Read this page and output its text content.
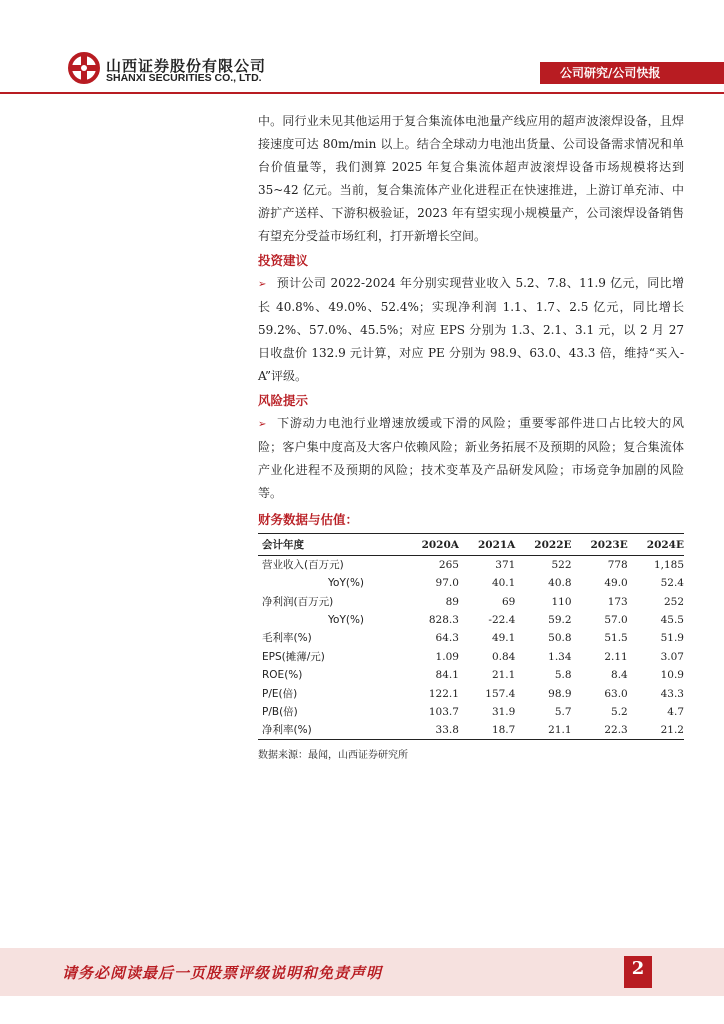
山西证券股份有限公司
SHANXI SECURITIES CO., LTD.	公司研究/公司快报

中。同行业未见其他运用于复合集流体电池量产线应用的超声波滚焊设备，且焊接速度可达 80m/min 以上。结合全球动力电池出货量、公司设备需求情况和单台价值量等，我们测算 2025 年复合集流体超声波滚焊设备市场规模将达到 35~42 亿元。当前，复合集流体产业化进程正在快速推进，上游订单充沛、中游扩产送样、下游积极验证，2023 年有望实现小规模量产，公司滚焊设备销售有望充分受益市场红利，打开新增长空间。

投资建议

➢ 预计公司 2022-2024 年分别实现营业收入 5.2、7.8、11.9 亿元，同比增长 40.8%、49.0%、52.4%；实现净利润 1.1、1.7、2.5 亿元，同比增长 59.2%、57.0%、45.5%；对应 EPS 分别为 1.3、2.1、3.1 元，以 2 月 27 日收盘价 132.9 元计算，对应 PE 分别为 98.9、63.0、43.3 倍，维持“买入-A”评级。

风险提示

➢ 下游动力电池行业增速放缓或下滑的风险；重要零部件进口占比较大的风险；客户集中度高及大客户依赖风险；新业务拓展不及预期的风险；复合集流体产业化进程不及预期的风险；技术变革及产品研发风险；市场竞争加剧的风险等。

财务数据与估值：
会计年度	2020A	2021A	2022E	2023E	2024E
营业收入(百万元)	265	371	522	778	1,185
YoY(%)	97.0	40.1	40.8	49.0	52.4
净利润(百万元)	89	69	110	173	252
YoY(%)	828.3	-22.4	59.2	57.0	45.5
毛利率(%)	64.3	49.1	50.8	51.5	51.9
EPS(摊薄/元)	1.09	0.84	1.34	2.11	3.07
ROE(%)	84.1	21.1	5.8	8.4	10.9
P/E(倍)	122.1	157.4	98.9	63.0	43.3
P/B(倍)	103.7	31.9	5.7	5.2	4.7
净利率(%)	33.8	18.7	21.1	22.3	21.2
数据来源：最闻，山西证券研究所
请务必阅读最后一页股票评级说明和免责声明	2
